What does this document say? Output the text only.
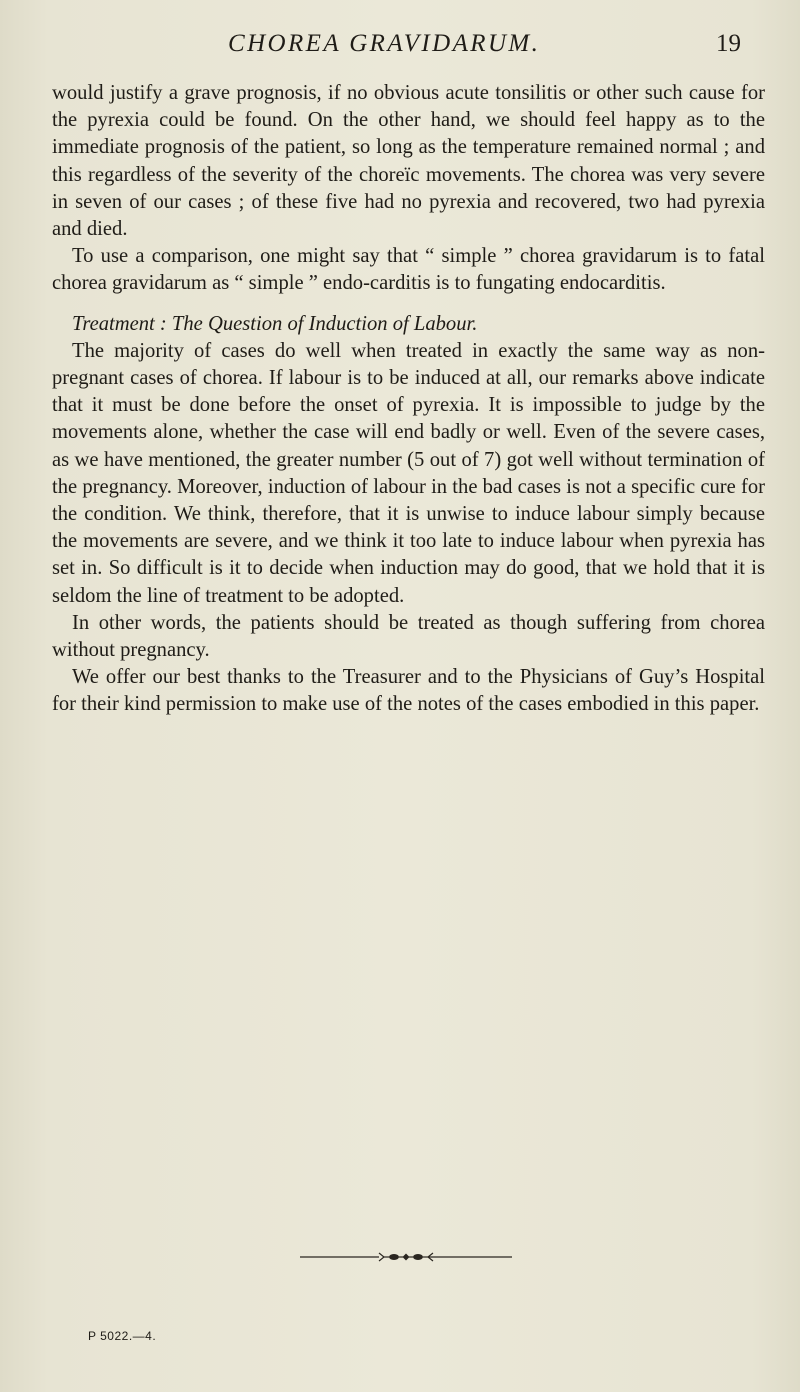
CHOREA GRAVIDARUM.	19

would justify a grave prognosis, if no obvious acute tonsilitis or other such cause for the pyrexia could be found. On the other hand, we should feel happy as to the immediate prognosis of the patient, so long as the temperature remained normal ; and this regardless of the severity of the choreïc movements. The chorea was very severe in seven of our cases ; of these five had no pyrexia and recovered, two had pyrexia and died.

To use a comparison, one might say that “ simple ” chorea gravidarum is to fatal chorea gravidarum as “ simple ” endo-carditis is to fungating endocarditis.

Treatment : The Question of Induction of Labour.

The majority of cases do well when treated in exactly the same way as non-pregnant cases of chorea. If labour is to be induced at all, our remarks above indicate that it must be done before the onset of pyrexia. It is impossible to judge by the movements alone, whether the case will end badly or well. Even of the severe cases, as we have mentioned, the greater number (5 out of 7) got well without termination of the pregnancy. Moreover, induction of labour in the bad cases is not a specific cure for the condition. We think, therefore, that it is unwise to induce labour simply because the movements are severe, and we think it too late to induce labour when pyrexia has set in. So difficult is it to decide when induction may do good, that we hold that it is seldom the line of treatment to be adopted.

In other words, the patients should be treated as though suffering from chorea without pregnancy.

We offer our best thanks to the Treasurer and to the Physicians of Guy’s Hospital for their kind permission to make use of the notes of the cases embodied in this paper.

P 5022.—4.
